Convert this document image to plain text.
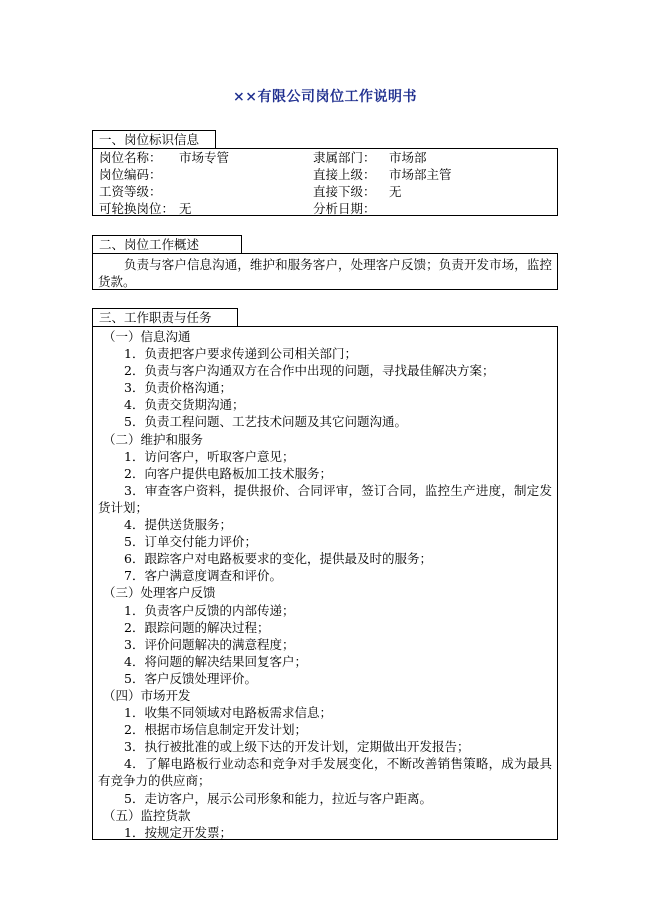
××有限公司岗位工作说明书
一、岗位标识信息
岗位名称： 市场专管	隶属部门： 市场部
岗位编码：	直接上级： 市场部主管
工资等级：	直接下级： 无
可轮换岗位： 无	分析日期：
二、岗位工作概述
负责与客户信息沟通，维护和服务客户，处理客户反馈；负责开发市场，监控货款。
三、工作职责与任务
（一）信息沟通
1．负责把客户要求传递到公司相关部门；
2．负责与客户沟通双方在合作中出现的问题，寻找最佳解决方案；
3．负责价格沟通；
4．负责交货期沟通；
5．负责工程问题、工艺技术问题及其它问题沟通。
（二）维护和服务
1．访问客户，听取客户意见；
2．向客户提供电路板加工技术服务；
3．审查客户资料，提供报价、合同评审，签订合同，监控生产进度，制定发货计划；
4．提供送货服务；
5．订单交付能力评价；
6．跟踪客户对电路板要求的变化，提供最及时的服务；
7．客户满意度调查和评价。
（三）处理客户反馈
1．负责客户反馈的内部传递；
2．跟踪问题的解决过程；
3．评价问题解决的满意程度；
4．将问题的解决结果回复客户；
5．客户反馈处理评价。
（四）市场开发
1．收集不同领域对电路板需求信息；
2．根据市场信息制定开发计划；
3．执行被批准的或上级下达的开发计划，定期做出开发报告；
4．了解电路板行业动态和竞争对手发展变化，不断改善销售策略，成为最具有竞争力的供应商；
5．走访客户，展示公司形象和能力，拉近与客户距离。
（五）监控货款
1．按规定开发票；
